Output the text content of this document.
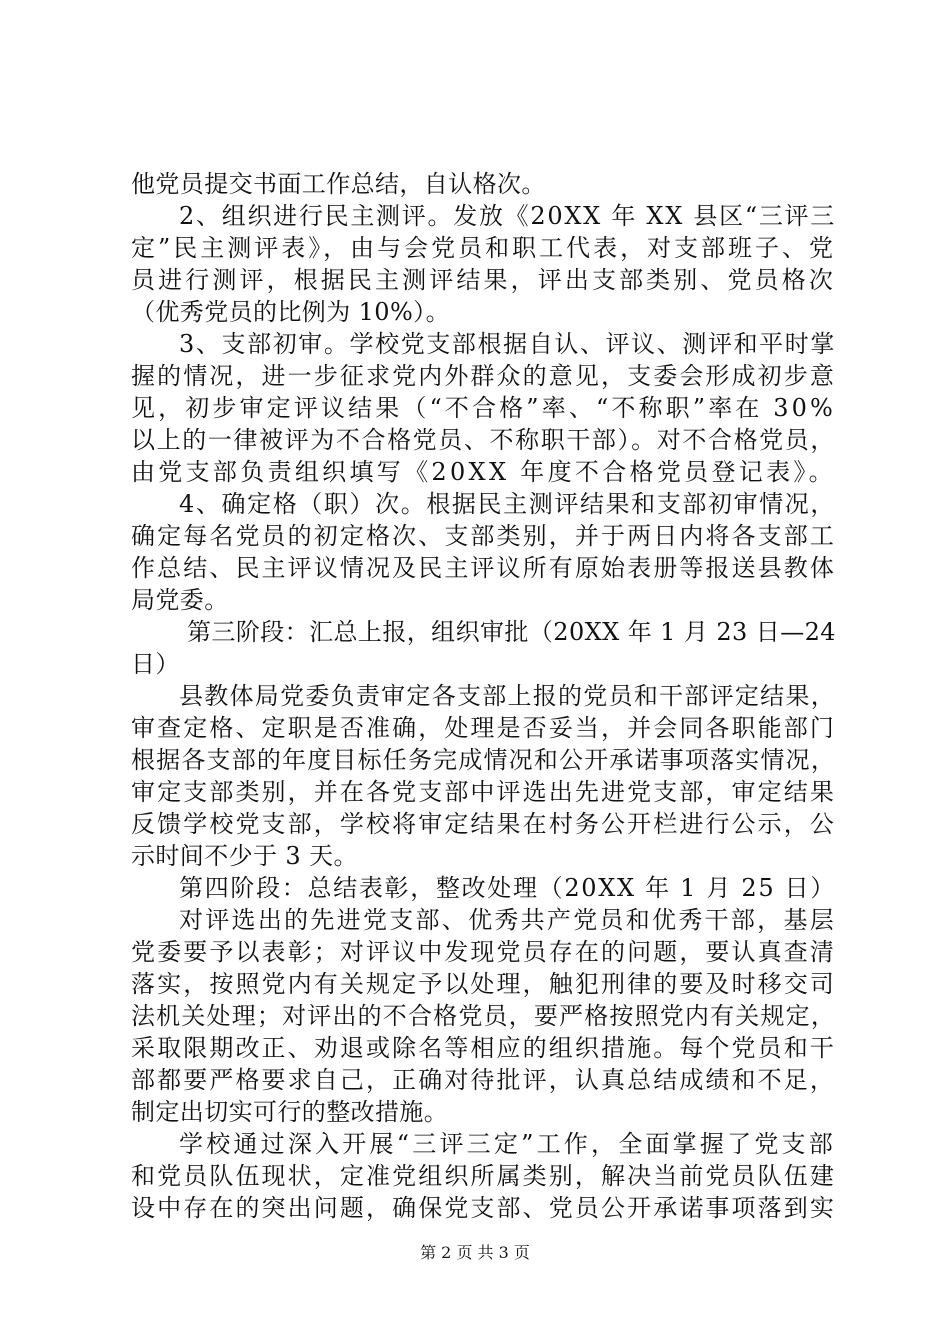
他党员提交书面工作总结，自认格次。
2、组织进行民主测评。发放《20XX 年 XX 县区“三评三
定”民主测评表》，由与会党员和职工代表，对支部班子、党
员进行测评，根据民主测评结果，评出支部类别、党员格次
（优秀党员的比例为 10%）。
3、支部初审。学校党支部根据自认、评议、测评和平时掌
握的情况，进一步征求党内外群众的意见，支委会形成初步意
见，初步审定评议结果（“不合格”率、“不称职”率在 30%
以上的一律被评为不合格党员、不称职干部）。对不合格党员，
由党支部负责组织填写《20XX 年度不合格党员登记表》。
4、确定格（职）次。根据民主测评结果和支部初审情况，
确定每名党员的初定格次、支部类别，并于两日内将各支部工
作总结、民主评议情况及民主评议所有原始表册等报送县教体
局党委。
第三阶段：汇总上报，组织审批（20XX 年 1 月 23 日—24
日）
县教体局党委负责审定各支部上报的党员和干部评定结果，
审查定格、定职是否准确，处理是否妥当，并会同各职能部门
根据各支部的年度目标任务完成情况和公开承诺事项落实情况，
审定支部类别，并在各党支部中评选出先进党支部，审定结果
反馈学校党支部，学校将审定结果在村务公开栏进行公示，公
示时间不少于 3 天。
第四阶段：总结表彰，整改处理（20XX 年 1 月 25 日）
对评选出的先进党支部、优秀共产党员和优秀干部，基层
党委要予以表彰；对评议中发现党员存在的问题，要认真查清
落实，按照党内有关规定予以处理，触犯刑律的要及时移交司
法机关处理；对评出的不合格党员，要严格按照党内有关规定，
采取限期改正、劝退或除名等相应的组织措施。每个党员和干
部都要严格要求自己，正确对待批评，认真总结成绩和不足，
制定出切实可行的整改措施。
学校通过深入开展“三评三定”工作，全面掌握了党支部
和党员队伍现状，定准党组织所属类别，解决当前党员队伍建
设中存在的突出问题，确保党支部、党员公开承诺事项落到实
第 2 页 共 3 页
